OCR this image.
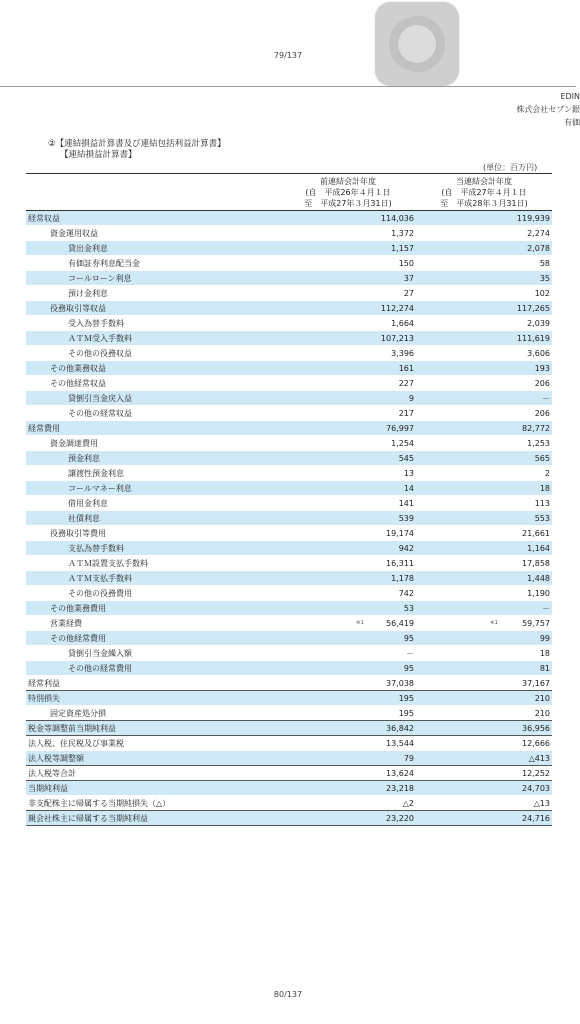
79/137
EDIN
株式会社セブン銀
有価
②【連結損益計算書及び連結包括利益計算書】
【連結損益計算書】
(単位：百万円)
前連結会計年度
(自　平成26年４月１日
至　平成27年３月31日)
当連結会計年度
(自　平成27年４月１日
至　平成28年３月31日)
経常収益	114,036	119,939
資金運用収益	1,372	2,274
貸出金利息	1,157	2,078
有価証券利息配当金	150	58
コールローン利息	37	35
預け金利息	27	102
役務取引等収益	112,274	117,265
受入為替手数料	1,664	2,039
ＡＴＭ受入手数料	107,213	111,619
その他の役務収益	3,396	3,606
その他業務収益	161	193
その他経常収益	227	206
貸倒引当金戻入益	9	－
その他の経常収益	217	206
経常費用	76,997	82,772
資金調達費用	1,254	1,253
預金利息	545	565
譲渡性預金利息	13	2
コールマネー利息	14	18
借用金利息	141	113
社債利息	539	553
役務取引等費用	19,174	21,661
支払為替手数料	942	1,164
ＡＴＭ設置支払手数料	16,311	17,858
ＡＴＭ支払手数料	1,178	1,448
その他の役務費用	742	1,190
その他業務費用	53	－
営業経費	※1	56,419	※1	59,757
その他経常費用	95	99
貸倒引当金繰入額	－	18
その他の経常費用	95	81
経常利益	37,038	37,167
特別損失	195	210
固定資産処分損	195	210
税金等調整前当期純利益	36,842	36,956
法人税、住民税及び事業税	13,544	12,666
法人税等調整額	79	△413
法人税等合計	13,624	12,252
当期純利益	23,218	24,703
非支配株主に帰属する当期純損失（△）	△2	△13
親会社株主に帰属する当期純利益	23,220	24,716
80/137
